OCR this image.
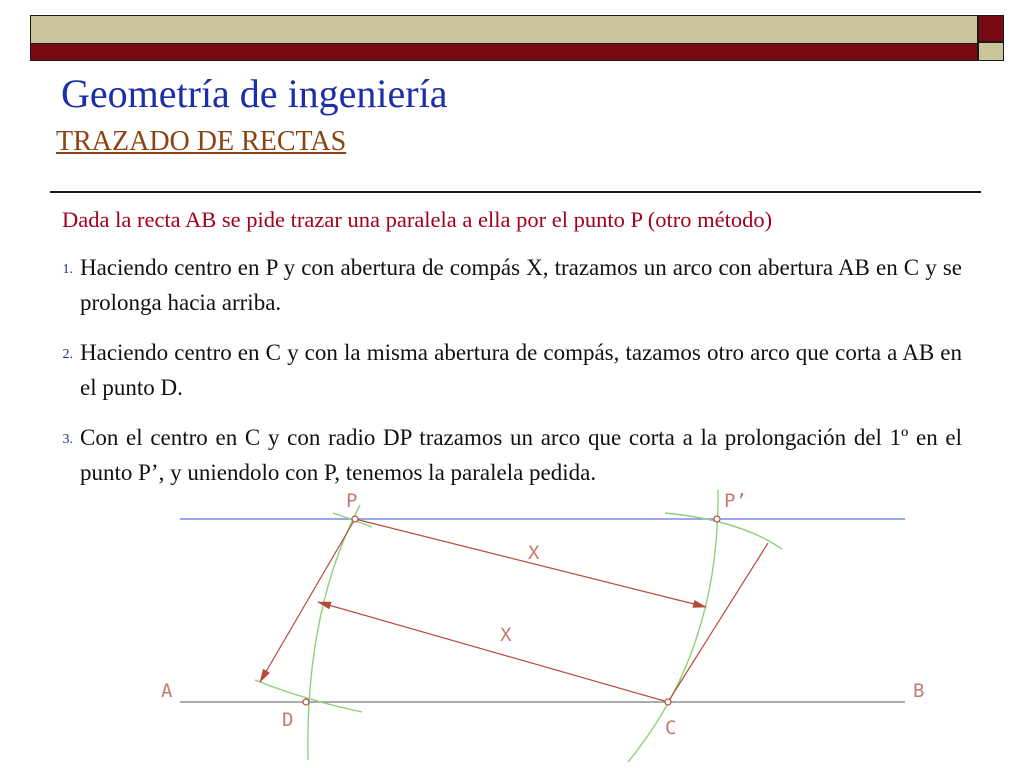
Geometría de ingeniería
TRAZADO DE RECTAS
Dada la recta AB se pide trazar una paralela a ella por el punto P (otro método)
1. Haciendo centro en P y con abertura de compás X, trazamos un arco con abertura AB en C y se prolonga hacia arriba.
2. Haciendo centro en C y con la misma abertura de compás, tazamos otro arco que corta a AB en el punto D.
3. Con el centro en C y con radio DP trazamos un arco que corta a la prolongación del 1º en el punto P’, y uniendolo con P, tenemos la paralela pedida.
P	P’
X
X
A	B
D	C
